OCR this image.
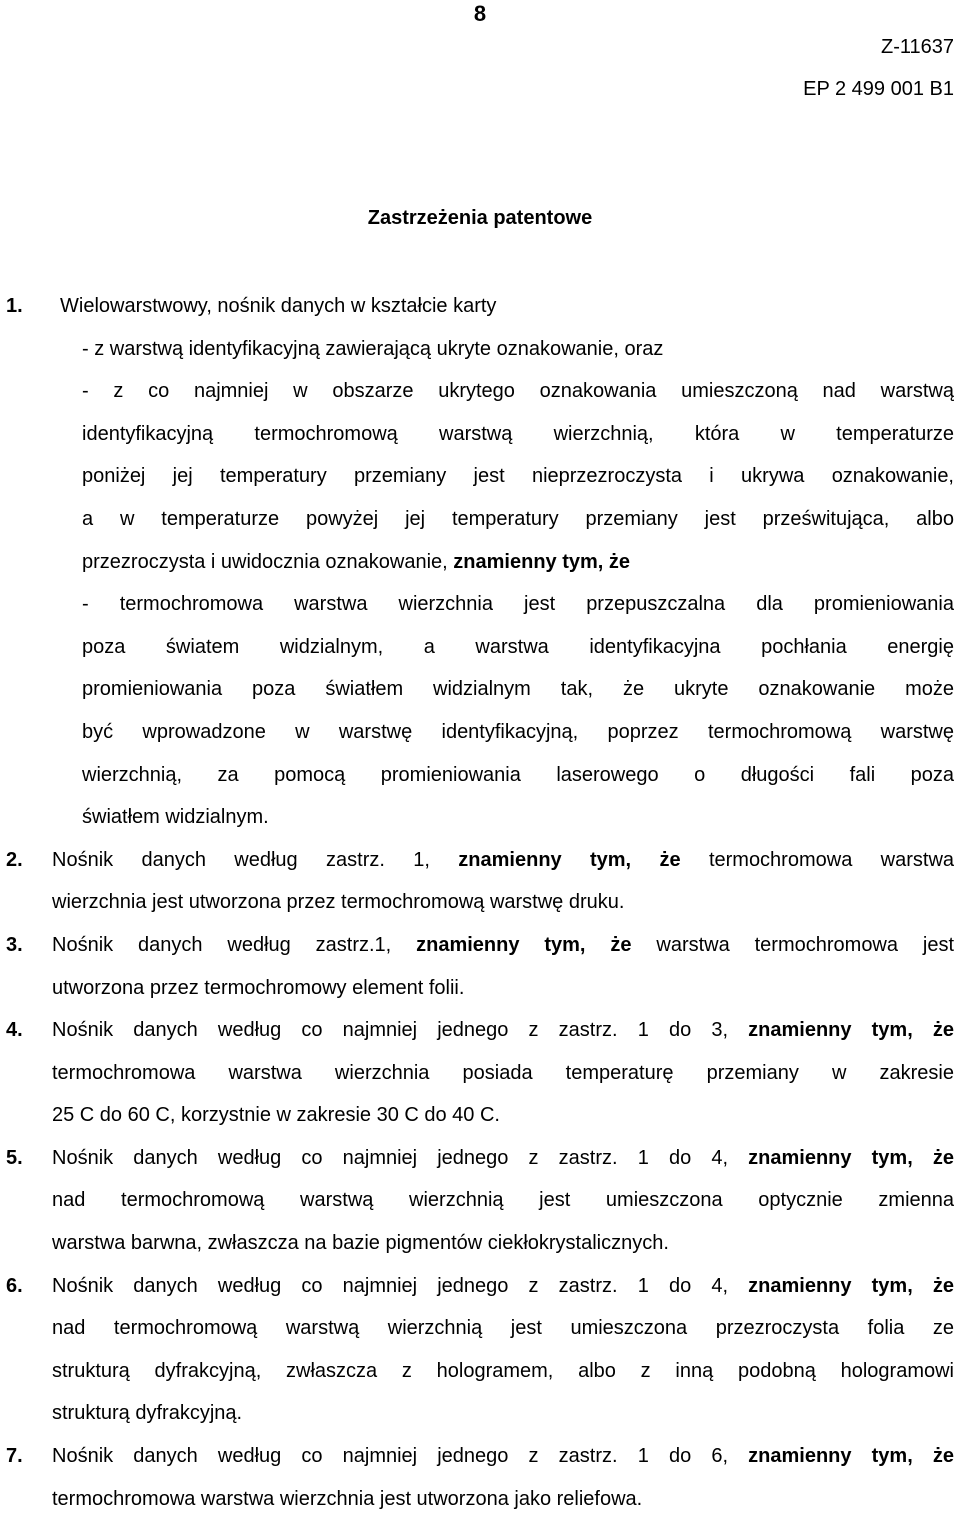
8
Z-11637
EP 2 499 001 B1
Zastrzeżenia patentowe
1. Wielowarstwowy, nośnik danych w kształcie karty
- z warstwą identyfikacyjną zawierającą ukryte oznakowanie, oraz
- z co najmniej w obszarze ukrytego oznakowania umieszczoną nad warstwą
identyfikacyjną termochromową warstwą wierzchnią, która w temperaturze
poniżej jej temperatury przemiany jest nieprzezroczysta i ukrywa oznakowanie,
a w temperaturze powyżej jej temperatury przemiany jest prześwitująca, albo
przezroczysta i uwidocznia oznakowanie, znamienny tym, że
- termochromowa warstwa wierzchnia jest przepuszczalna dla promieniowania
poza światem widzialnym, a warstwa identyfikacyjna pochłania energię
promieniowania poza światłem widzialnym tak, że ukryte oznakowanie może
być wprowadzone w warstwę identyfikacyjną, poprzez termochromową warstwę
wierzchnią, za pomocą promieniowania laserowego o długości fali poza
światłem widzialnym.
2. Nośnik danych według zastrz. 1, znamienny tym, że termochromowa warstwa
wierzchnia jest utworzona przez termochromową warstwę druku.
3. Nośnik danych według zastrz.1, znamienny tym, że warstwa termochromowa jest
utworzona przez termochromowy element folii.
4. Nośnik danych według co najmniej jednego z zastrz. 1 do 3, znamienny tym, że
termochromowa warstwa wierzchnia posiada temperaturę przemiany w zakresie
25 C do 60 C, korzystnie w zakresie 30 C do 40 C.
5. Nośnik danych według co najmniej jednego z zastrz. 1 do 4, znamienny tym, że
nad termochromową warstwą wierzchnią jest umieszczona optycznie zmienna
warstwa barwna, zwłaszcza na bazie pigmentów ciekłokrystalicznych.
6. Nośnik danych według co najmniej jednego z zastrz. 1 do 4, znamienny tym, że
nad termochromową warstwą wierzchnią jest umieszczona przezroczysta folia ze
strukturą dyfrakcyjną, zwłaszcza z hologramem, albo z inną podobną hologramowi
strukturą dyfrakcyjną.
7. Nośnik danych według co najmniej jednego z zastrz. 1 do 6, znamienny tym, że
termochromowa warstwa wierzchnia jest utworzona jako reliefowa.
